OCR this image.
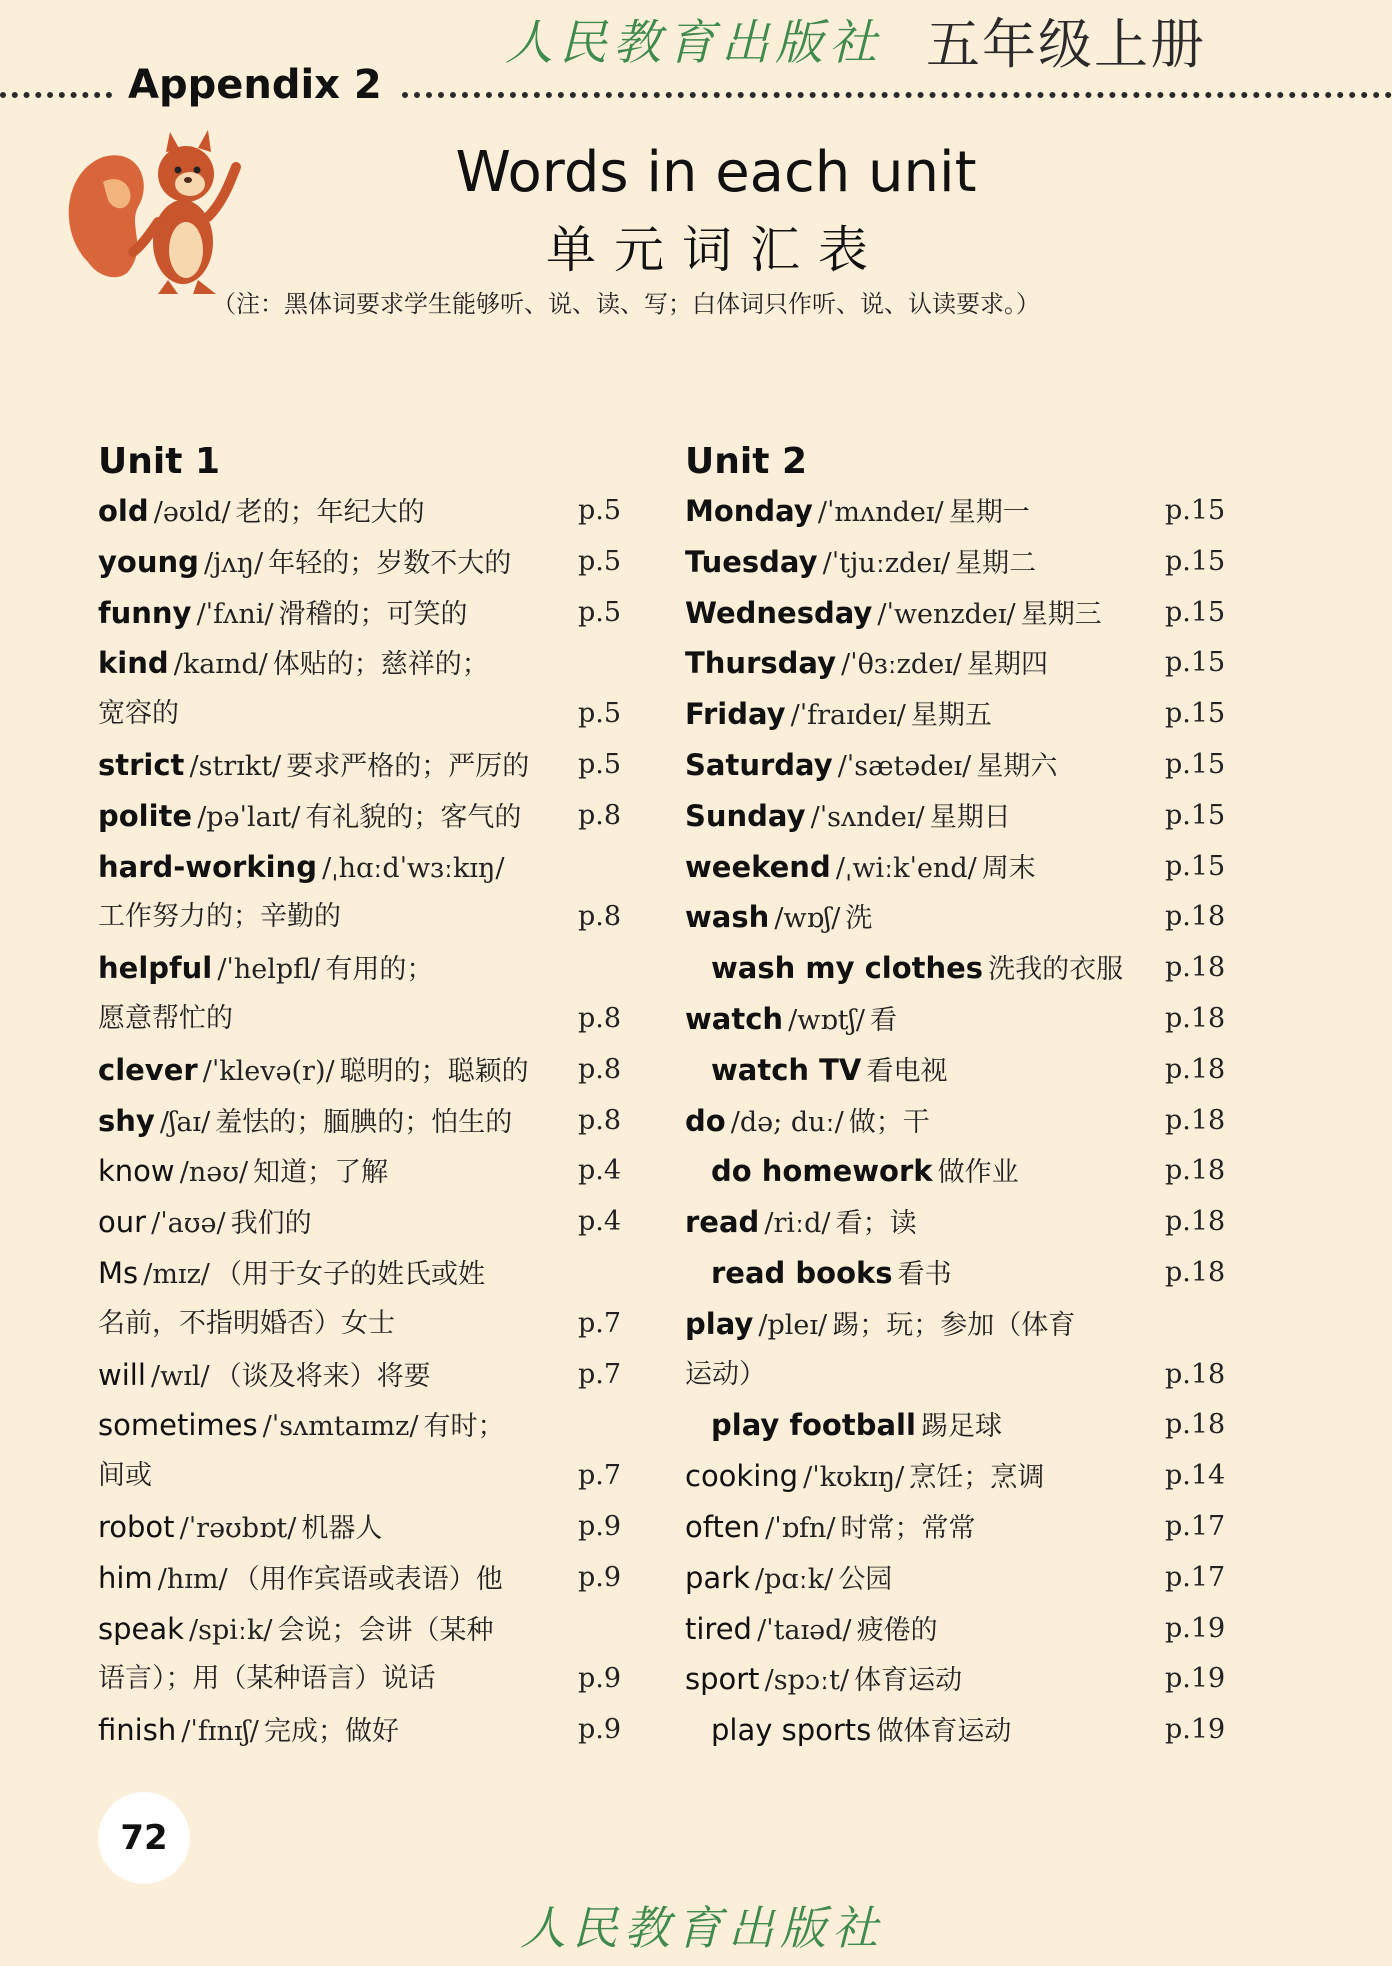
人民教育出版社 五年级上册
Appendix 2
Words in each unit
单元词汇表
（注：黑体词要求学生能够听、说、读、写；白体词只作听、说、认读要求。）
Unit 1
old /əʊld/ 老的；年纪大的	p.5
young /jʌŋ/ 年轻的；岁数不大的 p.5
funny /ˈfʌni/ 滑稽的；可笑的	p.5
kind /kaɪnd/ 体贴的；慈祥的；
宽容的	p.5
strict /strɪkt/ 要求严格的；严厉的 p.5
polite /pəˈlaɪt/ 有礼貌的；客气的 p.8
hard-working /ˌhɑːdˈwɜːkɪŋ/
工作努力的；辛勤的	p.8
helpful /ˈhelpfl/ 有用的；
愿意帮忙的	p.8
clever /ˈklevə(r)/ 聪明的；聪颖的 p.8
shy /ʃaɪ/ 羞怯的；腼腆的；怕生的 p.8
know /nəʊ/ 知道；了解	p.4
our /ˈaʊə/ 我们的	p.4
Ms /mɪz/ （用于女子的姓氏或姓
名前，不指明婚否）女士	p.7
will /wɪl/ （谈及将来）将要	p.7
sometimes /ˈsʌmtaɪmz/ 有时；
间或	p.7
robot /ˈrəʊbɒt/ 机器人	p.9
him /hɪm/ （用作宾语或表语）他	p.9
speak /spiːk/ 会说；会讲（某种
语言）；用（某种语言）说话	p.9
finish /ˈfɪnɪʃ/ 完成；做好	p.9
Unit 2
Monday /ˈmʌndeɪ/ 星期一	p.15
Tuesday /ˈtjuːzdeɪ/ 星期二	p.15
Wednesday /ˈwenzdeɪ/ 星期三 p.15
Thursday /ˈθɜːzdeɪ/ 星期四	p.15
Friday /ˈfraɪdeɪ/ 星期五	p.15
Saturday /ˈsætədeɪ/ 星期六	p.15
Sunday /ˈsʌndeɪ/ 星期日	p.15
weekend /ˌwiːkˈend/ 周末	p.15
wash /wɒʃ/ 洗	p.18
wash my clothes 洗我的衣服 p.18
watch /wɒtʃ/ 看	p.18
watch TV 看电视	p.18
do /də; duː/ 做；干	p.18
do homework 做作业	p.18
read /riːd/ 看；读	p.18
read books 看书	p.18
play /pleɪ/ 踢；玩；参加（体育
运动）	p.18
play football 踢足球	p.18
cooking /ˈkʊkɪŋ/ 烹饪；烹调	p.14
often /ˈɒfn/ 时常；常常	p.17
park /pɑːk/ 公园	p.17
tired /ˈtaɪəd/ 疲倦的	p.19
sport /spɔːt/ 体育运动	p.19
play sports 做体育运动	p.19
72
人民教育出版社
